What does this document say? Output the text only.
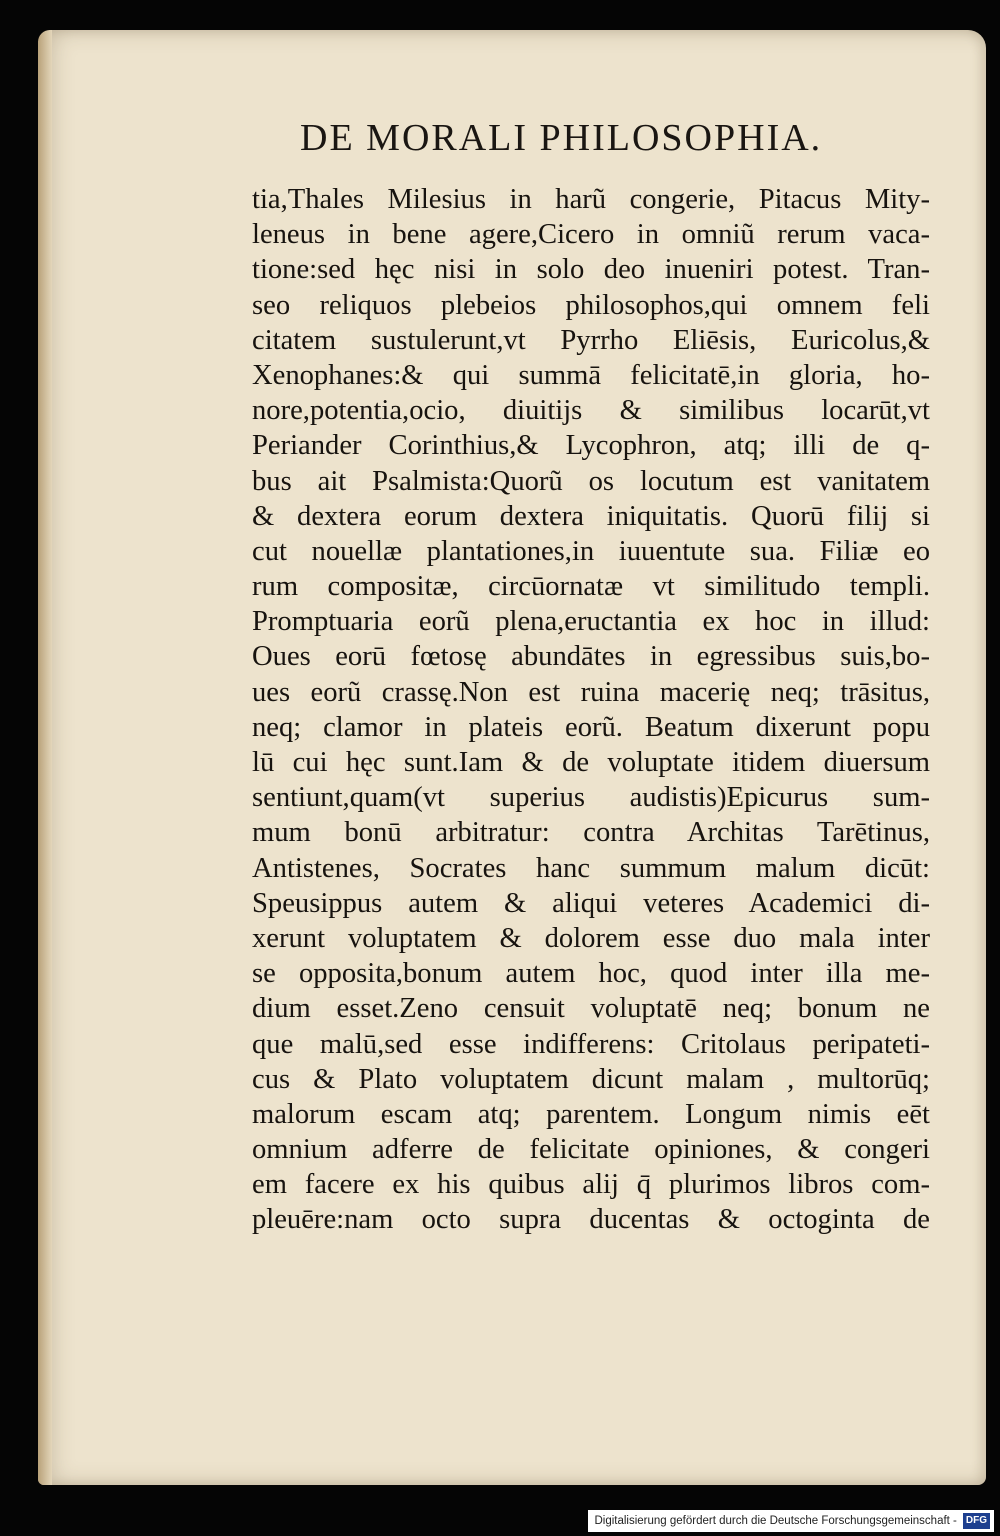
DE MORALI PHILOSOPHIA.
tia,Thales Milesius in harũ congerie, Pitacus Mity-
leneus in bene agere,Cicero in omniũ rerum vaca-
tione:sed hęc nisi in solo deo inueniri potest. Tran-
seo reliquos plebeios philosophos,qui omnem feli
citatem sustulerunt,vt Pyrrho Eliēsis, Euricolus,&
Xenophanes:& qui summā felicitatē,in gloria, ho-
nore,potentia,ocio, diuitijs & similibus locarūt,vt
Periander Corinthius,& Lycophron, atq; illi de q-
bus ait Psalmista:Quorũ os locutum est vanitatem
& dextera eorum dextera iniquitatis. Quorū filij si
cut nouellæ plantationes,in iuuentute sua. Filiæ eo
rum compositæ, circūornatæ vt similitudo templi.
Promptuaria eorũ plena,eructantia ex hoc in illud:
Oues eorū fœtosę abundātes in egressibus suis,bo-
ues eorũ crassę.Non est ruina macerię neq; trāsitus,
neq; clamor in plateis eorũ. Beatum dixerunt popu
lū cui hęc sunt.Iam & de voluptate itidem diuersum
sentiunt,quam(vt superius audistis)Epicurus sum-
mum bonū arbitratur: contra Architas Tarētinus,
Antistenes, Socrates hanc summum malum dicūt:
Speusippus autem & aliqui veteres Academici di-
xerunt voluptatem & dolorem esse duo mala inter
se opposita,bonum autem hoc, quod inter illa me-
dium esset.Zeno censuit voluptatē neq; bonum ne
que malū,sed esse indifferens: Critolaus peripateti-
cus & Plato voluptatem dicunt malam , multorūq;
malorum escam atq; parentem. Longum nimis eēt
omnium adferre de felicitate opiniones, & congeri
em facere ex his quibus alij q̄ plurimos libros com-
pleuēre:nam octo supra ducentas & octoginta de
Digitalisierung gefördert durch die Deutsche Forschungsgemeinschaft - DFG
